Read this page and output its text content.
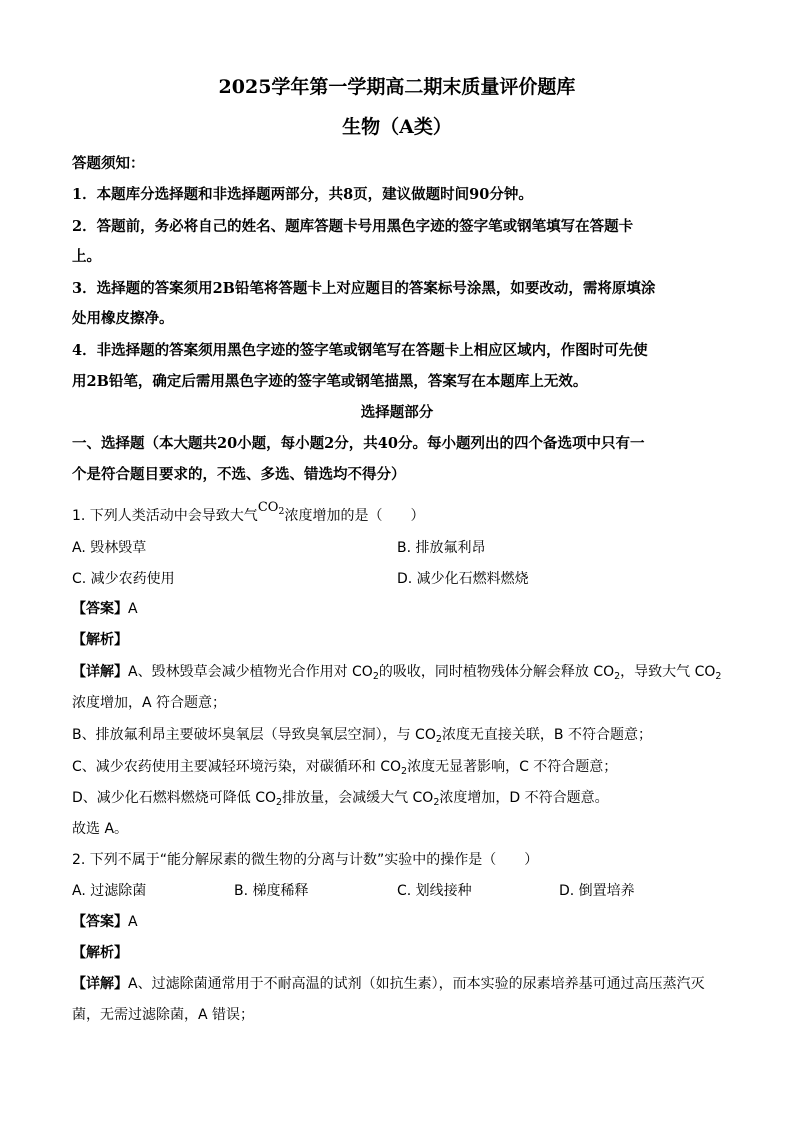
2025学年第一学期高二期末质量评价题库
生物（A类）
答题须知：
1．本题库分选择题和非选择题两部分，共8页，建议做题时间90分钟。
2．答题前，务必将自己的姓名、题库答题卡号用黑色字迹的签字笔或钢笔填写在答题卡
上。
3．选择题的答案须用2B铅笔将答题卡上对应题目的答案标号涂黑，如要改动，需将原填涂
处用橡皮擦净。
4．非选择题的答案须用黑色字迹的签字笔或钢笔写在答题卡上相应区域内，作图时可先使
用2B铅笔，确定后需用黑色字迹的签字笔或钢笔描黑，答案写在本题库上无效。
选择题部分
一、选择题（本大题共20小题，每小题2分，共40分。每小题列出的四个备选项中只有一
个是符合题目要求的，不选、多选、错选均不得分）
1. 下列人类活动中会导致大气$CO_2$浓度增加的是（　　）
A. 毁林毁草	B. 排放氟利昂
C. 减少农药使用	D. 减少化石燃料燃烧
【答案】A
【解析】
【详解】A、毁林毁草会减少植物光合作用对 $CO_2$的吸收，同时植物残体分解会释放 $CO_2$，导致大气 $CO_2$
浓度增加，A 符合题意；
B、排放氟利昂主要破坏臭氧层（导致臭氧层空洞），与 $CO_2$浓度无直接关联，B 不符合题意；
C、减少农药使用主要减轻环境污染，对碳循环和 $CO_2$浓度无显著影响，C 不符合题意；
D、减少化石燃料燃烧可降低 $CO_2$排放量，会减缓大气 $CO_2$浓度增加，D 不符合题意。
故选 A。
2. 下列不属于“能分解尿素的微生物的分离与计数”实验中的操作是（　　）
A. 过滤除菌	B. 梯度稀释	C. 划线接种	D. 倒置培养
【答案】A
【解析】
【详解】A、过滤除菌通常用于不耐高温的试剂（如抗生素），而本实验的尿素培养基可通过高压蒸汽灭
菌，无需过滤除菌，A 错误；
